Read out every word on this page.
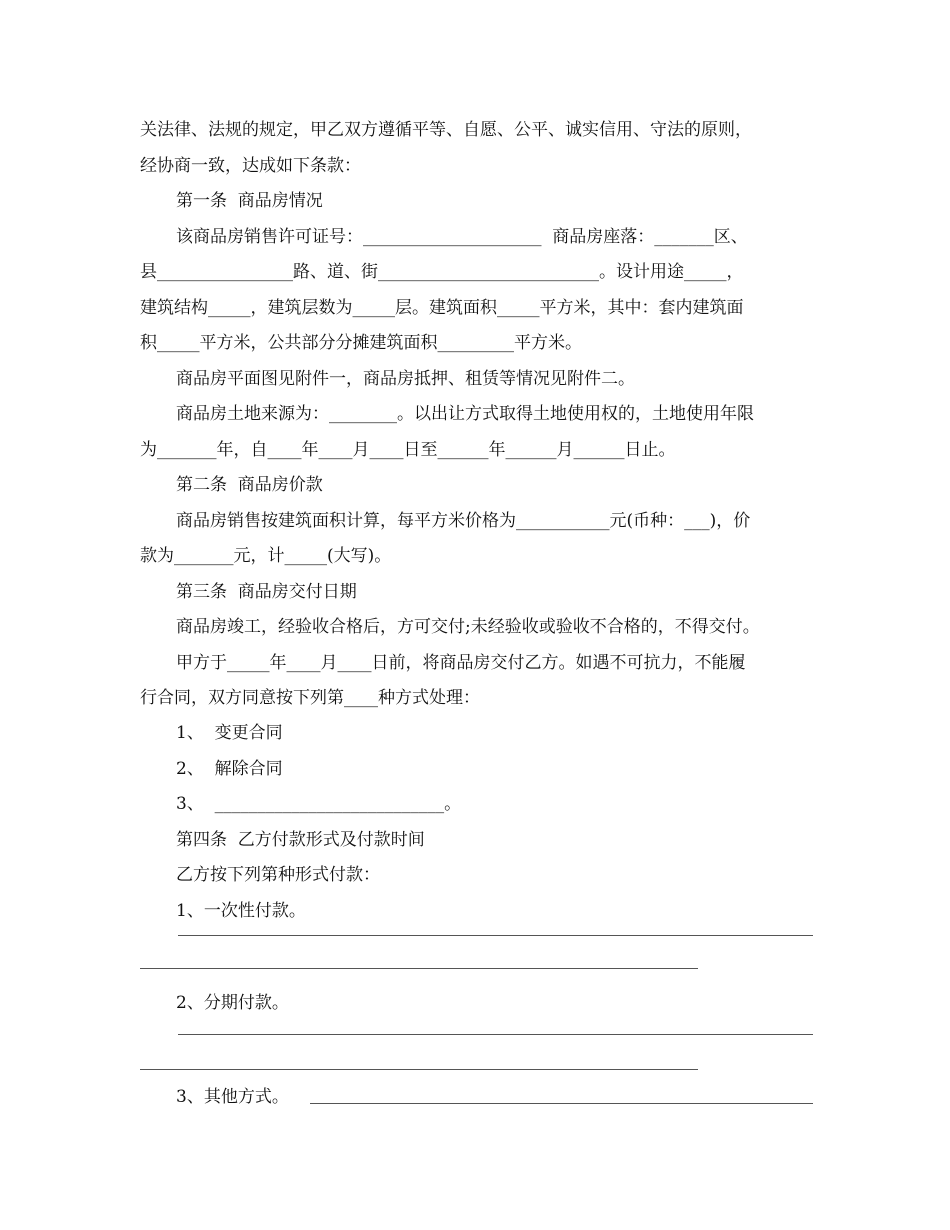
关法律、法规的规定，甲乙双方遵循平等、自愿、公平、诚实信用、守法的原则，
经协商一致，达成如下条款：
第一条  商品房情况
该商品房销售许可证号：_____________________  商品房座落：_______区、
县________________路、道、街__________________________。设计用途_____，
建筑结构_____，建筑层数为_____层。建筑面积_____平方米，其中：套内建筑面
积_____平方米，公共部分分摊建筑面积_________平方米。
商品房平面图见附件一，商品房抵押、租赁等情况见附件二。
商品房土地来源为：________。以出让方式取得土地使用权的，土地使用年限
为_______年，自____年____月____日至______年______月______日止。
第二条  商品房价款
商品房销售按建筑面积计算，每平方米价格为___________元(币种：___)，价
款为_______元，计_____(大写)。
第三条  商品房交付日期
商品房竣工，经验收合格后，方可交付;未经验收或验收不合格的，不得交付。
甲方于_____年____月____日前，将商品房交付乙方。如遇不可抗力，不能履
行合同，双方同意按下列第____种方式处理：
1、  变更合同
2、  解除合同
3、  ___________________________。
第四条  乙方付款形式及付款时间
乙方按下列第种形式付款：
1、一次性付款。
2、分期付款。
3、其他方式。
